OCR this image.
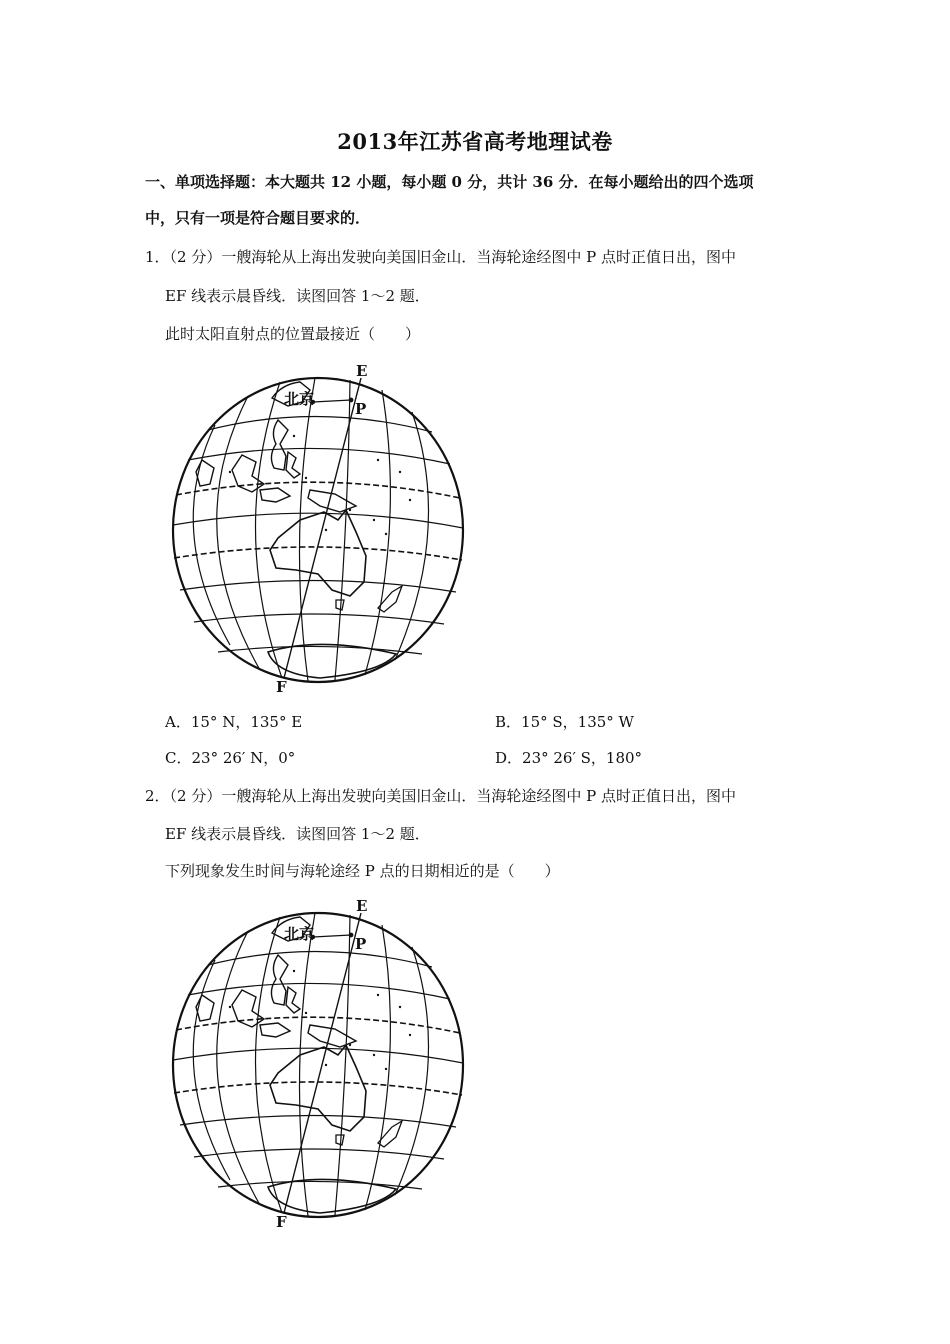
2013年江苏省高考地理试卷
一、单项选择题：本大题共 12 小题，每小题 0 分，共计 36 分．在每小题给出的四个选项
中，只有一项是符合题目要求的．
1．（2 分）一艘海轮从上海出发驶向美国旧金山．当海轮途经图中 P 点时正值日出，图中
EF 线表示晨昏线．读图回答 1～2 题．
此时太阳直射点的位置最接近（　　）
E
P
F
北京
A．15° N，135° E	B．15° S，135° W
C．23° 26′ N，0°	D．23° 26′ S，180°
2．（2 分）一艘海轮从上海出发驶向美国旧金山．当海轮途经图中 P 点时正值日出，图中
EF 线表示晨昏线．读图回答 1～2 题．
下列现象发生时间与海轮途经 P 点的日期相近的是（　　）
E
P
F
北京
